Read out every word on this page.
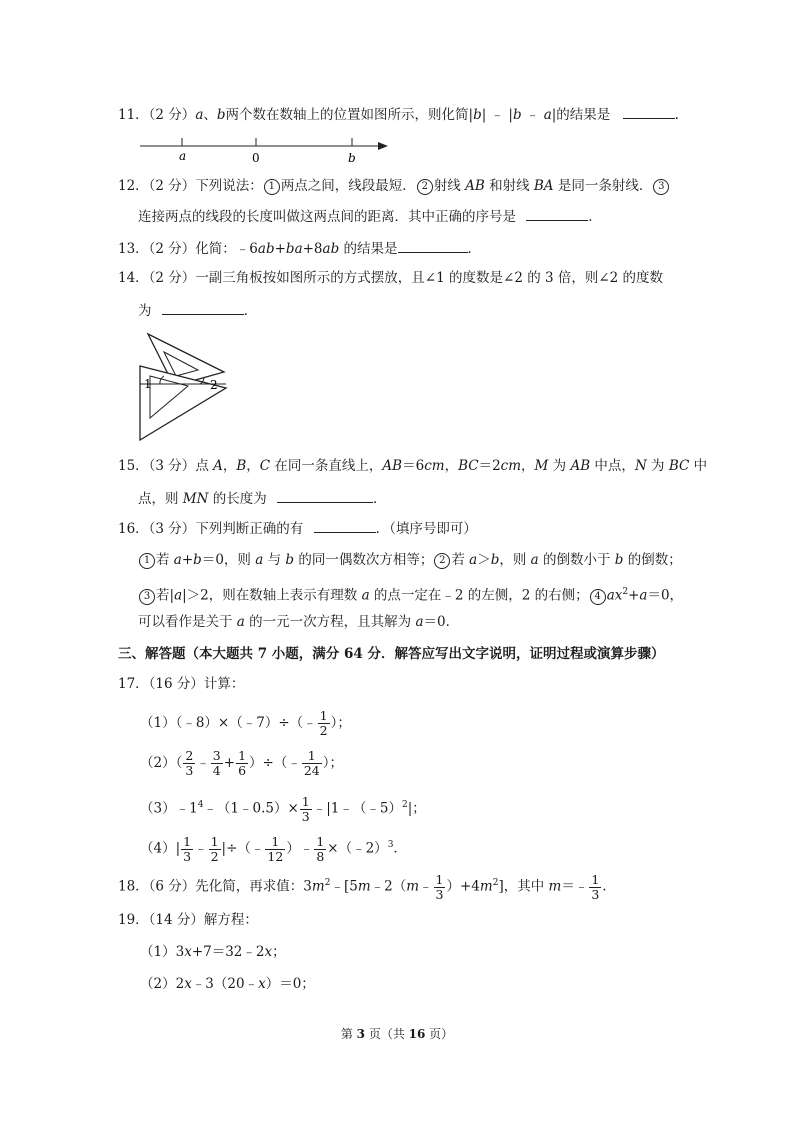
11．（2 分）a、b两个数在数轴上的位置如图所示，则化简|b| ﹣ |b ﹣ a|的结果是	.
a	0	b
12．（2 分）下列说法： 1 两点之间，线段最短． 2 射线 AB 和射线 BA 是同一条射线． 3
连接两点的线段的长度叫做这两点间的距离．其中正确的序号是	．
13．（2 分）化简：﹣6ab+ba+8ab 的结果是	．
14．（2 分）一副三角板按如图所示的方式摆放，且∠1 的度数是∠2 的 3 倍，则∠2 的度数
为	．
1	2
15．（3 分）点 A，B，C 在同一条直线上，AB＝6cm，BC＝2cm，M 为 AB 中点，N 为 BC 中
点，则 MN 的长度为	．
16．（3 分）下列判断正确的有	．（填序号即可）
1 若 a+b＝0，则 a 与 b 的同一偶数次方相等； 2 若 a＞b，则 a 的倒数小于 b 的倒数；
3 若|a|＞2，则在数轴上表示有理数 a 的点一定在﹣2 的左侧，2 的右侧； 4 $ax^2+a=0$，
可以看作是关于 a 的一元一次方程，且其解为 a＝0．
三、解答题（本大题共 7 小题，满分 64 分．解答应写出文字说明，证明过程或演算步骤）
17．（16 分）计算：
（1）（﹣8）×（﹣7）÷（﹣ $\frac{1}{2}$ ）；
$(2)( \frac{2}{3}$ ﹣ $\frac{3}{4} + \frac{1}{6}$ ）÷（﹣ $\frac{1}{24}$ ）；
$(3)﹣1^4﹣(1﹣0.5)\times \frac{1}{3}$ ﹣|1﹣（﹣5）$^2$|；
$(4)| \frac{1}{3}$ ﹣ $\frac{1}{2}$ |÷（﹣ $\frac{1}{12}$ ）﹣ $\frac{1}{8}$ ×（﹣2）$^3$．
18．（6 分）先化简，再求值：$3m^2﹣[5m﹣2(m﹣ \frac{1}{3} )+4m^2]$，其中 m＝﹣ $\frac{1}{3}$ .
19．（14 分）解方程：
（1）3x+7＝32﹣2x；
（2）2x﹣3（20﹣x）＝0；
第 3 页（共 16 页）
